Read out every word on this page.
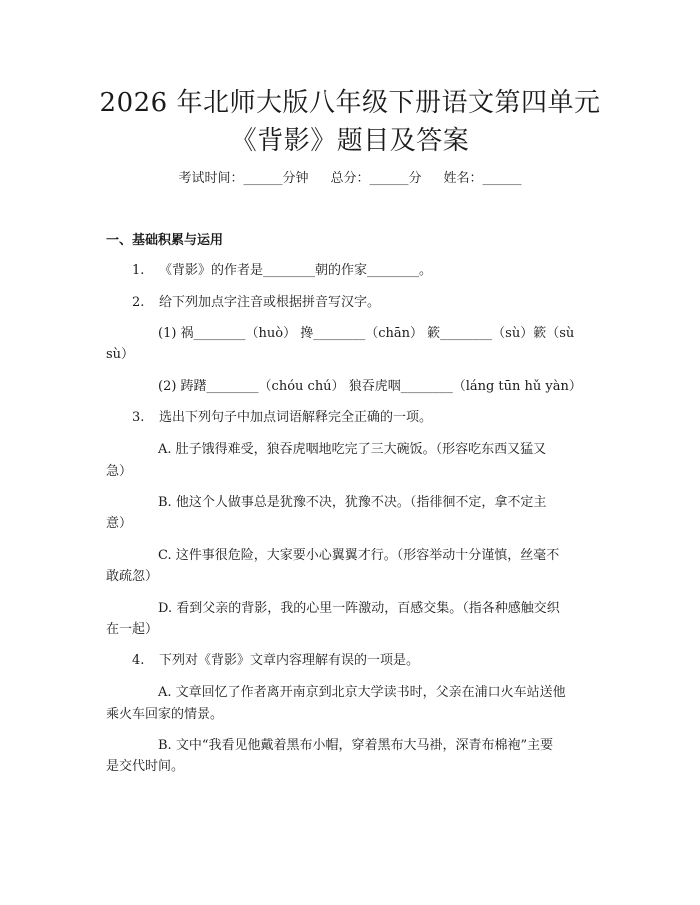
2026 年北师大版八年级下册语文第四单元
《背影》题目及答案
考试时间：______分钟 总分：______分 姓名：______
一、基础积累与运用
1. 《背影》的作者是________朝的作家________。
2. 给下列加点字注音或根据拼音写汉字。
(1) 祸________（huò） 搀________（chān） 簌________（sù）簌（sù
sù）
(2) 踌躇________（chóu chú） 狼吞虎咽________（láng tūn hǔ yàn）
3. 选出下列句子中加点词语解释完全正确的一项。
A. 肚子饿得难受，狼吞虎咽地吃完了三大碗饭。（形容吃东西又猛又
急）
B. 他这个人做事总是犹豫不决，犹豫不决。（指徘徊不定，拿不定主
意）
C. 这件事很危险，大家要小心翼翼才行。（形容举动十分谨慎，丝毫不
敢疏忽）
D. 看到父亲的背影，我的心里一阵激动，百感交集。（指各种感触交织
在一起）
4. 下列对《背影》文章内容理解有误的一项是。
A. 文章回忆了作者离开南京到北京大学读书时，父亲在浦口火车站送他
乘火车回家的情景。
B. 文中“我看见他戴着黑布小帽，穿着黑布大马褂，深青布棉袍”主要
是交代时间。
